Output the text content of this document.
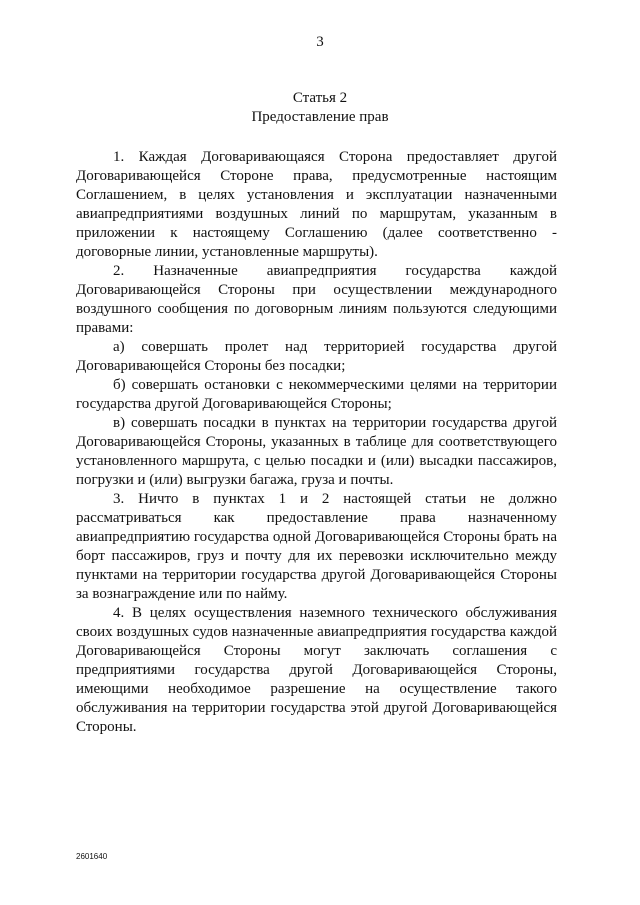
3
Статья 2
Предоставление прав

1. Каждая Договаривающаяся Сторона предоставляет другой Договаривающейся Стороне права, предусмотренные настоящим Соглашением, в целях установления и эксплуатации назначенными авиапредприятиями воздушных линий по маршрутам, указанным в приложении к настоящему Соглашению (далее соответственно - договорные линии, установленные маршруты).

2. Назначенные авиапредприятия государства каждой Договаривающейся Стороны при осуществлении международного воздушного сообщения по договорным линиям пользуются следующими правами:

а) совершать пролет над территорией государства другой Договаривающейся Стороны без посадки;

б) совершать остановки с некоммерческими целями на территории государства другой Договаривающейся Стороны;

в) совершать посадки в пунктах на территории государства другой Договаривающейся Стороны, указанных в таблице для соответствующего установленного маршрута, с целью посадки и (или) высадки пассажиров, погрузки и (или) выгрузки багажа, груза и почты.

3. Ничто в пунктах 1 и 2 настоящей статьи не должно рассматриваться как предоставление права назначенному авиапредприятию государства одной Договаривающейся Стороны брать на борт пассажиров, груз и почту для их перевозки исключительно между пунктами на территории государства другой Договаривающейся Стороны за вознаграждение или по найму.

4. В целях осуществления наземного технического обслуживания своих воздушных судов назначенные авиапредприятия государства каждой Договаривающейся Стороны могут заключать соглашения с предприятиями государства другой Договаривающейся Стороны, имеющими необходимое разрешение на осуществление такого обслуживания на территории государства этой другой Договаривающейся Стороны.

2601640
